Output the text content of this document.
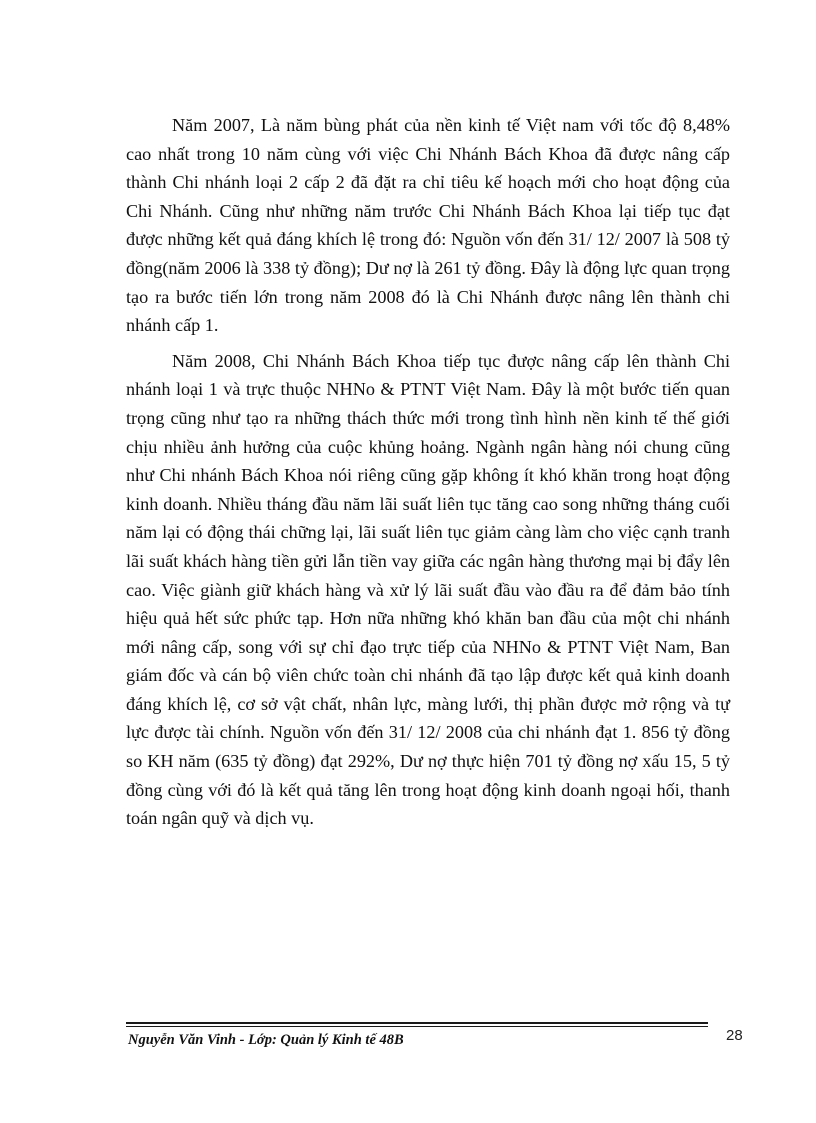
Năm 2007, Là năm bùng phát của nền kinh tế Việt nam với tốc độ 8,48% cao nhất trong 10 năm cùng với việc Chi Nhánh Bách Khoa đã được nâng cấp thành Chi nhánh loại 2 cấp 2 đã đặt ra chỉ tiêu kế hoạch mới cho hoạt động của Chi Nhánh. Cũng như những năm trước Chi Nhánh Bách Khoa lại tiếp tục đạt được những kết quả đáng khích lệ trong đó: Nguồn vốn đến 31/ 12/ 2007 là 508 tỷ đồng(năm 2006 là 338 tỷ đồng); Dư nợ là 261 tỷ đồng. Đây là động lực quan trọng tạo ra bước tiến lớn trong năm 2008 đó là Chi Nhánh được nâng lên thành chi nhánh cấp 1.

Năm 2008, Chi Nhánh Bách Khoa tiếp tục được nâng cấp lên thành Chi nhánh loại 1 và trực thuộc NHNo & PTNT Việt Nam. Đây là một bước tiến quan trọng cũng như tạo ra những thách thức mới trong tình hình nền kinh tế thế giới chịu nhiều ảnh hưởng của cuộc khủng hoảng. Ngành ngân hàng nói chung cũng như Chi nhánh Bách Khoa nói riêng cũng gặp không ít khó khăn trong hoạt động kinh doanh. Nhiều tháng đầu năm lãi suất liên tục tăng cao song những tháng cuối năm lại có động thái chững lại, lãi suất liên tục giảm càng làm cho việc cạnh tranh lãi suất khách hàng tiền gửi lẫn tiền vay giữa các ngân hàng thương mại bị đẩy lên cao. Việc giành giữ khách hàng và xử lý lãi suất đầu vào đầu ra để đảm bảo tính hiệu quả hết sức phức tạp. Hơn nữa những khó khăn ban đầu của một chi nhánh mới nâng cấp, song với sự chỉ đạo trực tiếp của NHNo & PTNT Việt Nam, Ban giám đốc và cán bộ viên chức toàn chi nhánh đã tạo lập được kết quả kinh doanh đáng khích lệ, cơ sở vật chất, nhân lực, màng lưới, thị phần được mở rộng và tự lực được tài chính. Nguồn vốn đến 31/ 12/ 2008 của chi nhánh đạt 1. 856 tỷ đồng so KH năm (635 tỷ đồng) đạt 292%, Dư nợ thực hiện 701 tỷ đồng nợ xấu 15, 5 tỷ đồng cùng với đó là kết quả tăng lên trong hoạt động kinh doanh ngoại hối, thanh toán ngân quỹ và dịch vụ.

Nguyễn Văn Vinh - Lớp: Quản lý Kinh tế 48B	28
